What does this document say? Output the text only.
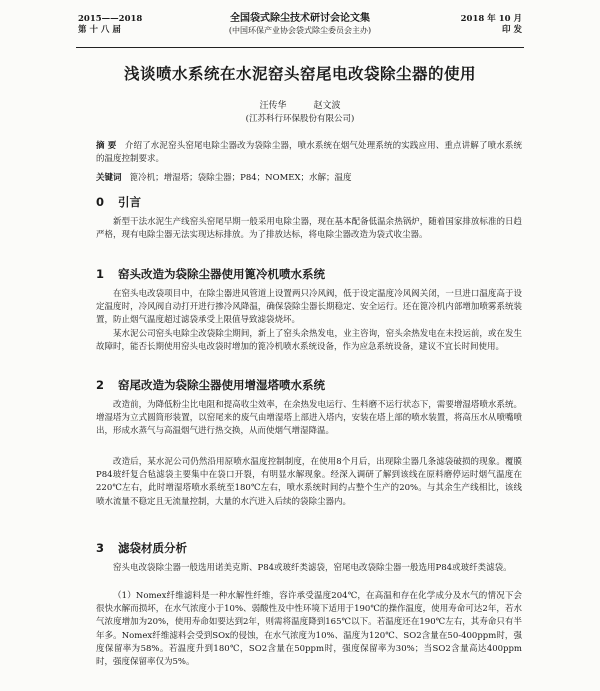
2015——2018
第 十 八 届
全国袋式除尘技术研讨会论文集
(中国环保产业协会袋式除尘委员会主办)
2018 年 10 月
印 发
浅谈喷水系统在水泥窑头窑尾电改袋除尘器的使用
汪传华	赵文波
(江苏科行环保股份有限公司)
摘 要 介绍了水泥窑头窑尾电除尘器改为袋除尘器，喷水系统在烟气处理系统的实践应用、重点讲解了喷水系统的温度控制要求。
关键词 篦冷机；增湿塔；袋除尘器；P84；NOMEX；水解；温度
0 引言
新型干法水泥生产线窑头窑尾早期一般采用电除尘器，现在基本配备低温余热锅炉，随着国家排放标准的日趋严格，现有电除尘器无法实现达标排放。为了排放达标，将电除尘器改造为袋式收尘器。
1 窑头改造为袋除尘器使用篦冷机喷水系统
在窑头电改袋项目中，在除尘器进风管道上设置两只冷风阀，低于设定温度冷风阀关闭，一旦进口温度高于设定温度时，冷风阀自动打开进行掺冷风降温，确保袋除尘器长期稳定、安全运行。还在篦冷机内部增加喷雾系统装置，防止烟气温度超过滤袋承受上限值导致滤袋烧坏。
某水泥公司窑头电除尘改袋除尘期间，新上了窑头余热发电，业主咨询，窑头余热发电在未投运前，或在发生故障时，能否长期使用窑头电改袋时增加的篦冷机喷水系统设备，作为应急系统设备，建议不宜长时间使用。
2 窑尾改造为袋除尘器使用增湿塔喷水系统
改造前，为降低粉尘比电阻和提高收尘效率，在余热发电运行、生料磨不运行状态下，需要增湿塔喷水系统。增湿塔为立式圆筒形装置，以窑尾来的废气由增湿塔上部进入塔内，安装在塔上部的喷水装置，将高压水从喷嘴喷出，形成水蒸气与高温烟气进行热交换，从而使烟气增湿降温。
改造后，某水泥公司仍然沿用原喷水温度控制制度，在使用8个月后，出现除尘器几条滤袋破损的现象。覆膜P84玻纤复合毡滤袋主要集中在袋口开裂，有明显水解现象。经深入调研了解到该线在原料磨停运时烟气温度在220℃左右，此时增湿塔喷水系统至180℃左右，喷水系统时间约占整个生产的20%。与其余生产线相比，该线喷水流量不稳定且无流量控制，大量的水汽进入后续的袋除尘器内。
3 滤袋材质分析
窑头电改袋除尘器一般选用诺美克斯、P84或玻纤类滤袋，窑尾电改袋除尘器一般选用P84或玻纤类滤袋。
（1）Nomex纤维滤料是一种水解性纤维，容许承受温度204℃，在高温和存在化学成分及水气的情况下会很快水解而损坏，在水气浓度小于10%、弱酸性及中性环境下适用于190℃的操作温度，使用寿命可达2年，若水气浓度增加为20%，使用寿命如要达到2年，则需将温度降到165℃以下。若温度还在190℃左右，其寿命只有半年多。Nomex纤维滤料会受到SOx的侵蚀，在水气浓度为10%、温度为120℃、SO2含量在50-400ppm时，强度保留率为58%。若温度升到180℃，SO2含量在50ppm时，强度保留率为30%；当SO2含量高达400ppm时，强度保留率仅为5%。
